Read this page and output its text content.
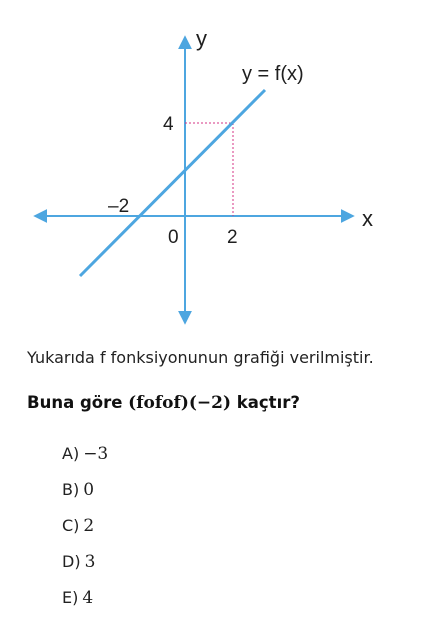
y
x
y = f(x)
4
–2
0	2

Yukarıda f fonksiyonunun grafiği verilmiştir.

Buna göre (fofof)(−2) kaçtır?

A) −3
B) 0
C) 2
D) 3
E) 4
